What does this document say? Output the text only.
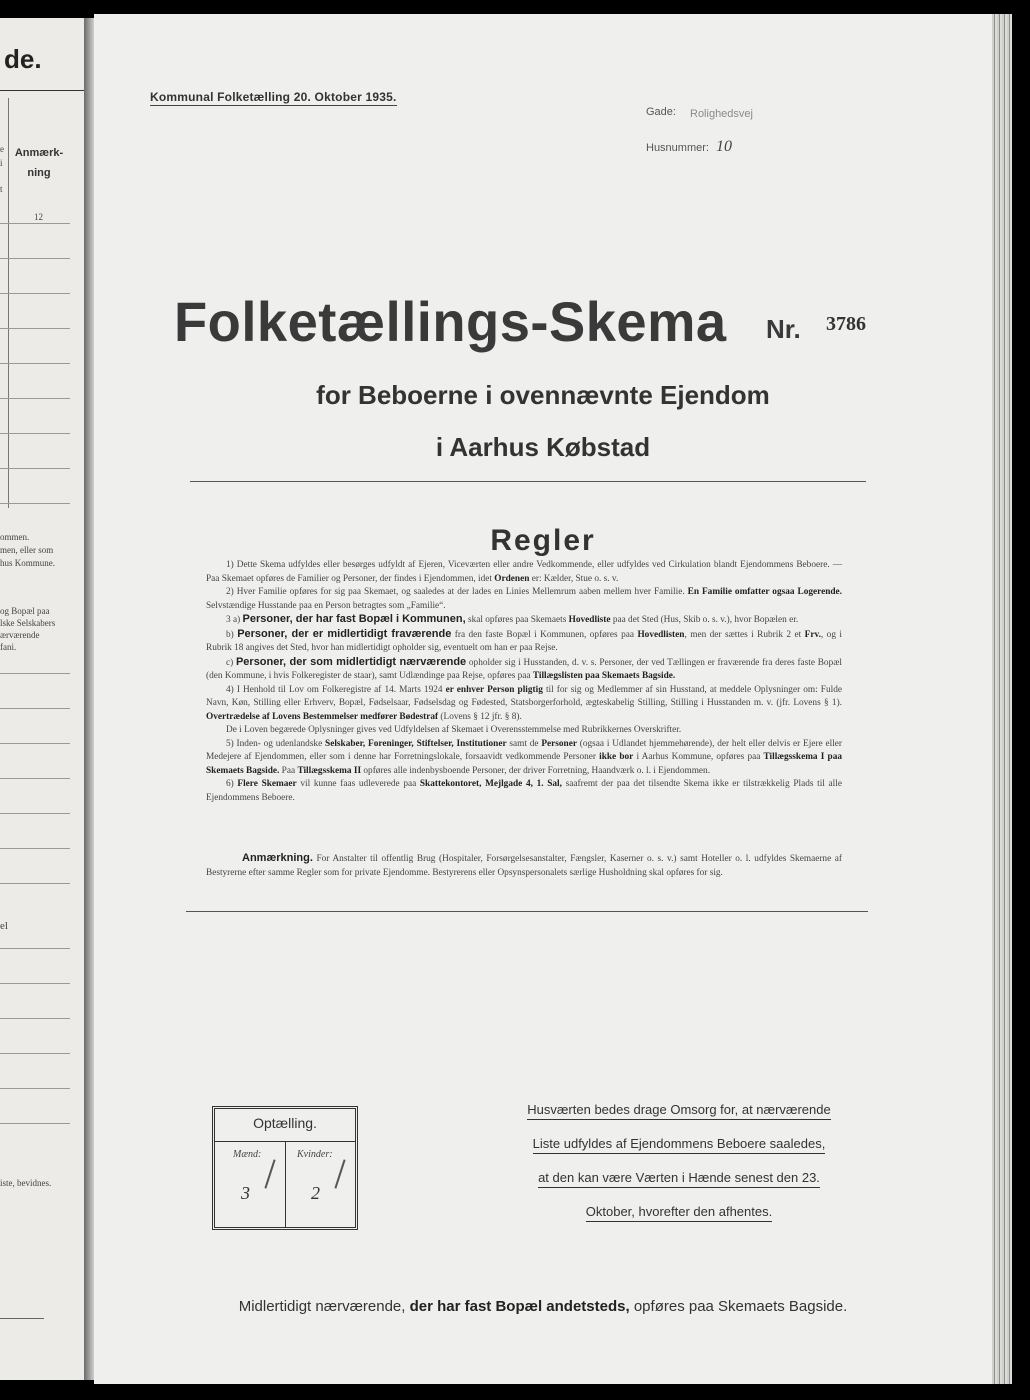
de.
e
i
t
Anmærk-
ning
12
ommen.
men, eller som
hus Kommune.
og Bopæl paa
lske Selskabers
ærværende
fani.
el
iste, bevidnes.
Kommunal Folketælling 20. Oktober 1935.
Gade: Rolighedsvej
Husnummer: 10
Folketællings-Skema Nr. 3786
for Beboerne i ovennævnte Ejendom
i Aarhus Købstad
Regler

1) Dette Skema udfyldes eller besørges udfyldt af Ejeren, Viceværten eller andre Vedkommende, eller udfyldes ved Cirkulation blandt Ejendommens Beboere. — Paa Skemaet opføres de Familier og Personer, der findes i Ejendommen, idet Ordenen er: Kælder, Stue o. s. v.

2) Hver Familie opføres for sig paa Skemaet, og saaledes at der lades en Linies Mellemrum aaben mellem hver Familie. En Familie omfatter ogsaa Logerende. Selvstændige Husstande paa en Person betragtes som „Familie“.

3 a) Personer, der har fast Bopæl i Kommunen, skal opføres paa Skemaets Hovedliste paa det Sted (Hus, Skib o. s. v.), hvor Bopælen er.

b) Personer, der er midlertidigt fraværende fra den faste Bopæl i Kommunen, opføres paa Hovedlisten, men der sættes i Rubrik 2 et Frv., og i Rubrik 18 angives det Sted, hvor han midlertidigt opholder sig, eventuelt om han er paa Rejse.

c) Personer, der som midlertidigt nærværende opholder sig i Husstanden, d. v. s. Personer, der ved Tællingen er fraværende fra deres faste Bopæl (den Kommune, i hvis Folkeregister de staar), samt Udlændinge paa Rejse, opføres paa Tillægslisten paa Skemaets Bagside.

4) I Henhold til Lov om Folkeregistre af 14. Marts 1924 er enhver Person pligtig til for sig og Medlemmer af sin Husstand, at meddele Oplysninger om: Fulde Navn, Køn, Stilling eller Erhverv, Bopæl, Fødselsaar, Fødselsdag og Fødested, Statsborgerforhold, ægteskabelig Stilling, Stilling i Husstanden m. v. (jfr. Lovens § 1). Overtrædelse af Lovens Bestemmelser medfører Bødestraf (Lovens § 12 jfr. § 8).

De i Loven begærede Oplysninger gives ved Udfyldelsen af Skemaet i Overensstemmelse med Rubrikkernes Overskrifter.

5) Inden- og udenlandske Selskaber, Foreninger, Stiftelser, Institutioner samt de Personer (ogsaa i Udlandet hjemmehørende), der helt eller delvis er Ejere eller Medejere af Ejendommen, eller som i denne har Forretningslokale, forsaavidt vedkommende Personer ikke bor i Aarhus Kommune, opføres paa Tillægsskema I paa Skemaets Bagside. Paa Tillægsskema II opføres alle indenbysboende Personer, der driver Forretning, Haandværk o. l. i Ejendommen.

6) Flere Skemaer vil kunne faas udleverede paa Skattekontoret, Mejlgade 4, 1. Sal, saafremt der paa det tilsendte Skema ikke er tilstrækkelig Plads til alle Ejendommens Beboere.

Anmærkning. For Anstalter til offentlig Brug (Hospitaler, Forsørgelsesanstalter, Fængsler, Kaserner o. s. v.) samt Hoteller o. l. udfyldes Skemaerne af Bestyrerne efter samme Regler som for private Ejendomme. Bestyrerens eller Opsynspersonalets særlige Husholdning skal opføres for sig.
Optælling.
Mænd:	Kvinder:
3	2
Husværten bedes drage Omsorg for, at nærværende
Liste udfyldes af Ejendommens Beboere saaledes,
at den kan være Værten i Hænde senest den 23.
Oktober, hvorefter den afhentes.
Midlertidigt nærværende, der har fast Bopæl andetsteds, opføres paa Skemaets Bagside.
